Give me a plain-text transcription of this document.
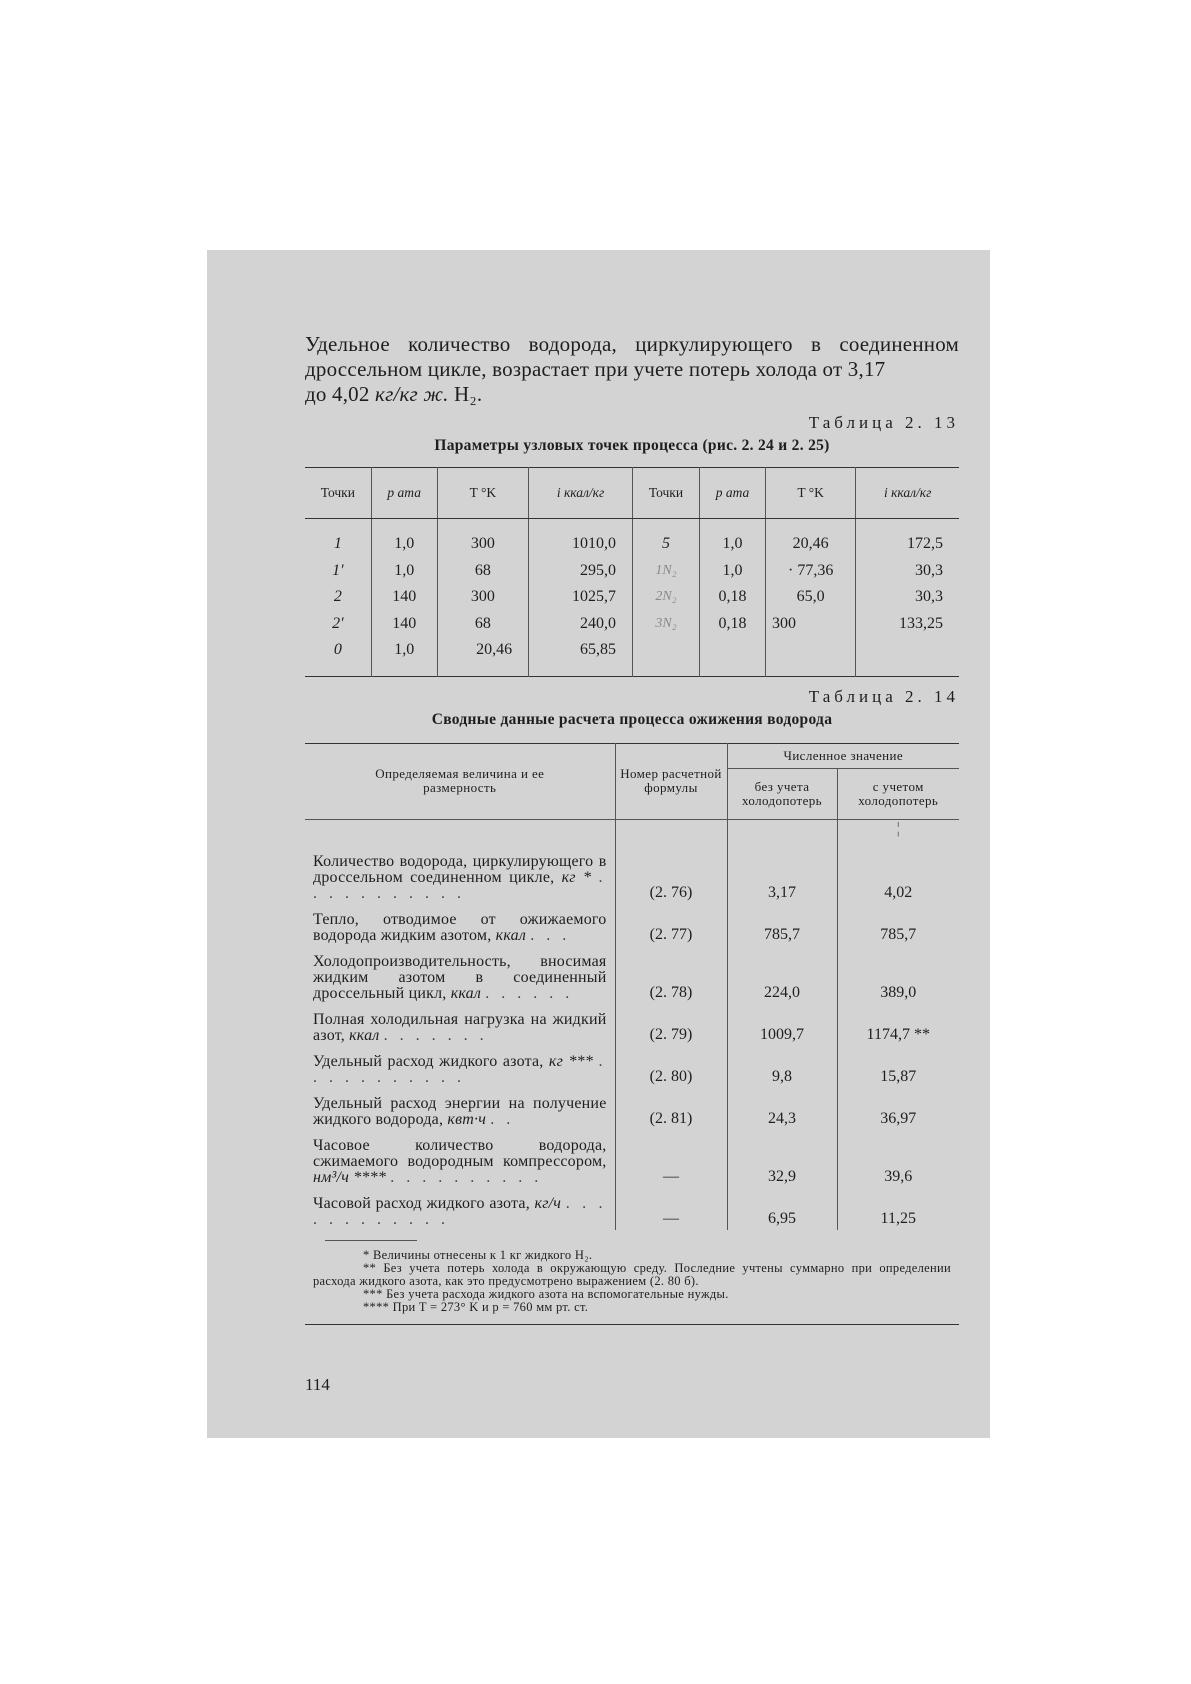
Удельное количество водорода, циркулирующего в соединенном дроссельном цикле, возрастает при учете потерь холода от 3,17
до 4,02 кг/кг ж. H₂.

Таблица 2. 13
Параметры узловых точек процесса (рис. 2. 24 и 2. 25)
Точки	p ата	T °K	i ккал/кг	Точки	p ата	T °K	i ккал/кг

1	1,0	300	1010,0	5	1,0	20,46	172,5
1′	1,0	68	295,0	1N₂	1,0	· 77,36	30,3
2	140	300	1025,7	2N₂	0,18	65,0	30,3
2′	140	68	240,0	3N₂	0,18	300	133,25
0	1,0	20,46	65,85				

Таблица 2. 14
Сводные данные расчета процесса ожижения водорода
Определяемая величина и ее размерность	Номер расчетной формулы	Численное значение	
		без учета холодопотерь	с учетом холодопотерь
			¦
Количество водорода, циркулирующего в дроссельном соединенном цикле, кг * . . . . . . . . . . .	(2. 76)	3,17	4,02
Тепло, отводимое от ожижаемого водорода жидким азотом, ккал . . .	(2. 77)	785,7	785,7
Холодопроизводительность, вносимая жидким азотом в соединенный дроссельный цикл, ккал . . . . . .	(2. 78)	224,0	389,0
Полная холодильная нагрузка на жидкий азот, ккал . . . . . . .	(2. 79)	1009,7	1174,7 **
Удельный расход жидкого азота, кг *** . . . . . . . . . . .	(2. 80)	9,8	15,87
Удельный расход энергии на получение жидкого водорода, квт·ч . .	(2. 81)	24,3	36,97
Часовое количество водорода, сжимаемого водородным компрессором, нм³/ч **** . . . . . . . . . .	—	32,9	39,6
Часовой расход жидкого азота, кг/ч . . . . . . . . . . . .	—	6,95	11,25

* Величины отнесены к 1 кг жидкого H₂.

** Без учета потерь холода в окружающую среду. Последние учтены суммарно при определении расхода жидкого азота, как это предусмотрено выражением (2. 80 б).

*** Без учета расхода жидкого азота на вспомогательные нужды.

**** При T = 273° K и p = 760 мм рт. ст.			

114
